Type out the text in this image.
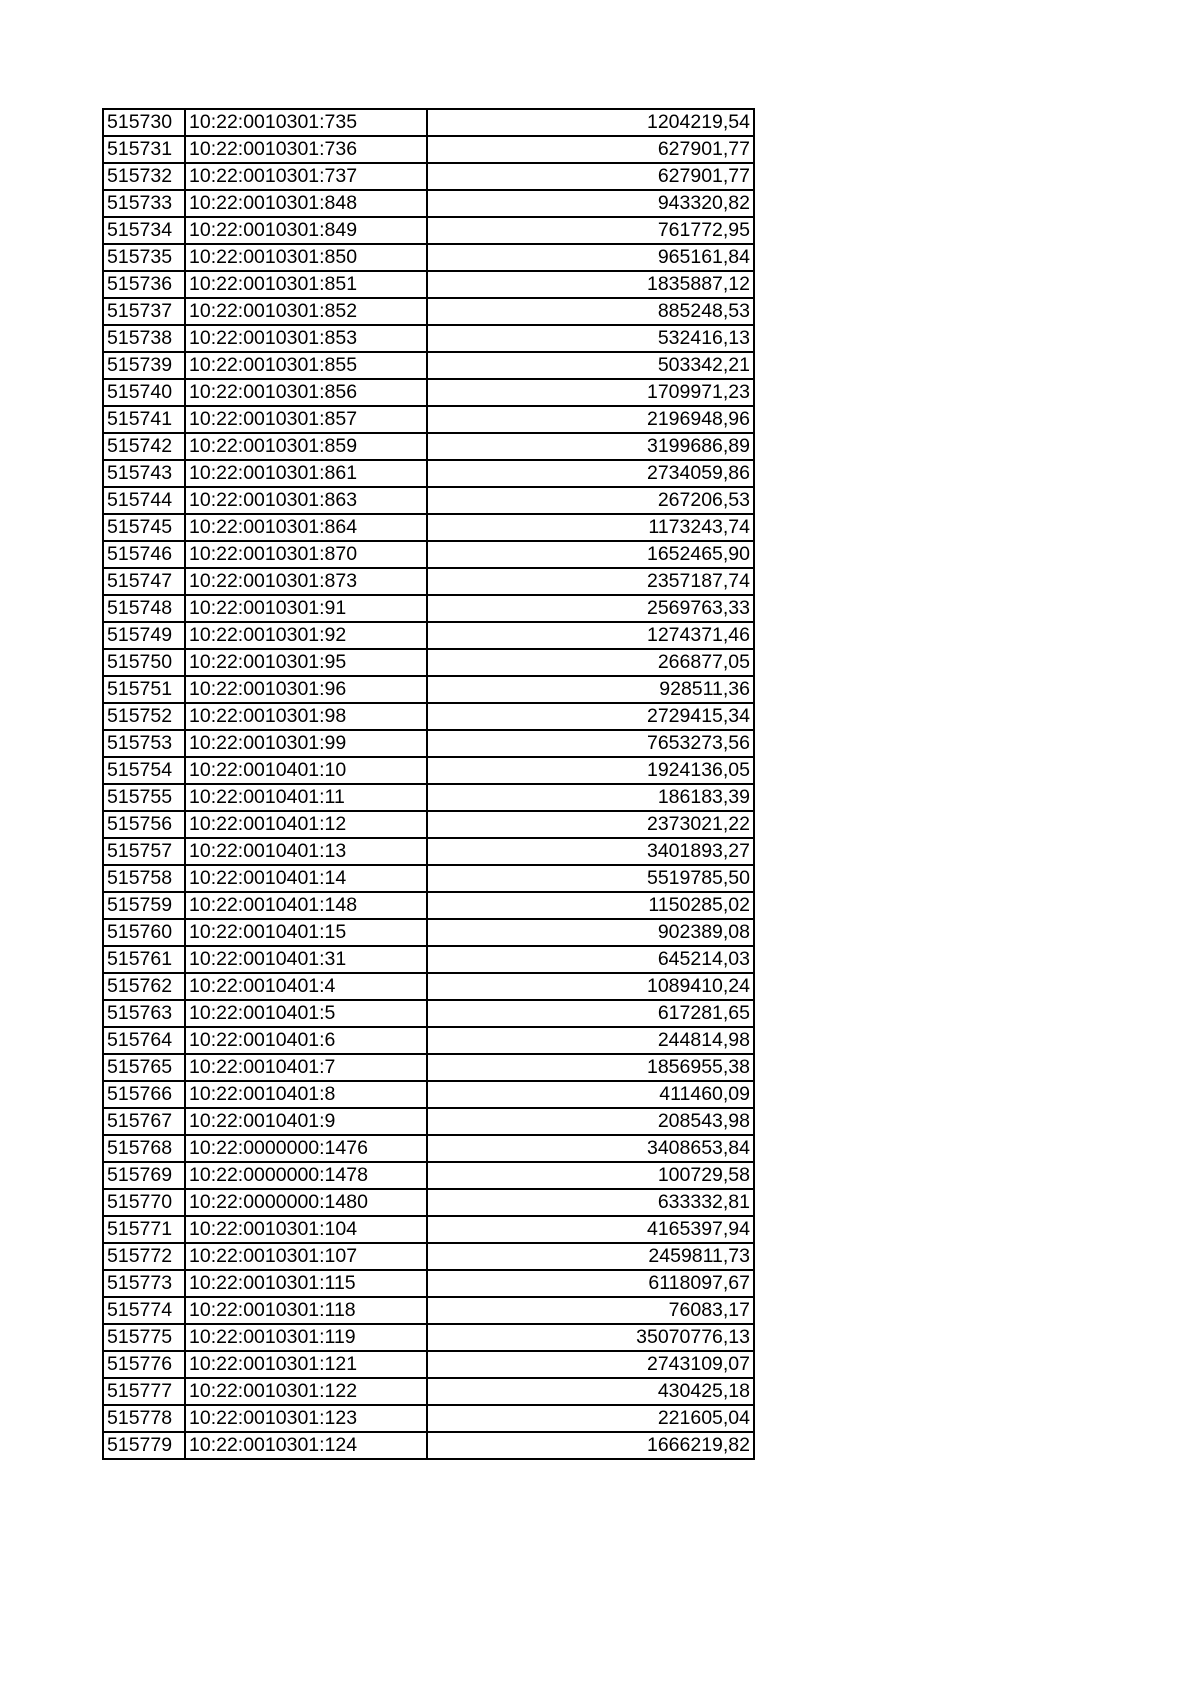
515730	10:22:0010301:735	1204219,54
515731	10:22:0010301:736	627901,77
515732	10:22:0010301:737	627901,77
515733	10:22:0010301:848	943320,82
515734	10:22:0010301:849	761772,95
515735	10:22:0010301:850	965161,84
515736	10:22:0010301:851	1835887,12
515737	10:22:0010301:852	885248,53
515738	10:22:0010301:853	532416,13
515739	10:22:0010301:855	503342,21
515740	10:22:0010301:856	1709971,23
515741	10:22:0010301:857	2196948,96
515742	10:22:0010301:859	3199686,89
515743	10:22:0010301:861	2734059,86
515744	10:22:0010301:863	267206,53
515745	10:22:0010301:864	1173243,74
515746	10:22:0010301:870	1652465,90
515747	10:22:0010301:873	2357187,74
515748	10:22:0010301:91	2569763,33
515749	10:22:0010301:92	1274371,46
515750	10:22:0010301:95	266877,05
515751	10:22:0010301:96	928511,36
515752	10:22:0010301:98	2729415,34
515753	10:22:0010301:99	7653273,56
515754	10:22:0010401:10	1924136,05
515755	10:22:0010401:11	186183,39
515756	10:22:0010401:12	2373021,22
515757	10:22:0010401:13	3401893,27
515758	10:22:0010401:14	5519785,50
515759	10:22:0010401:148	1150285,02
515760	10:22:0010401:15	902389,08
515761	10:22:0010401:31	645214,03
515762	10:22:0010401:4	1089410,24
515763	10:22:0010401:5	617281,65
515764	10:22:0010401:6	244814,98
515765	10:22:0010401:7	1856955,38
515766	10:22:0010401:8	411460,09
515767	10:22:0010401:9	208543,98
515768	10:22:0000000:1476	3408653,84
515769	10:22:0000000:1478	100729,58
515770	10:22:0000000:1480	633332,81
515771	10:22:0010301:104	4165397,94
515772	10:22:0010301:107	2459811,73
515773	10:22:0010301:115	6118097,67
515774	10:22:0010301:118	76083,17
515775	10:22:0010301:119	35070776,13
515776	10:22:0010301:121	2743109,07
515777	10:22:0010301:122	430425,18
515778	10:22:0010301:123	221605,04
515779	10:22:0010301:124	1666219,82
